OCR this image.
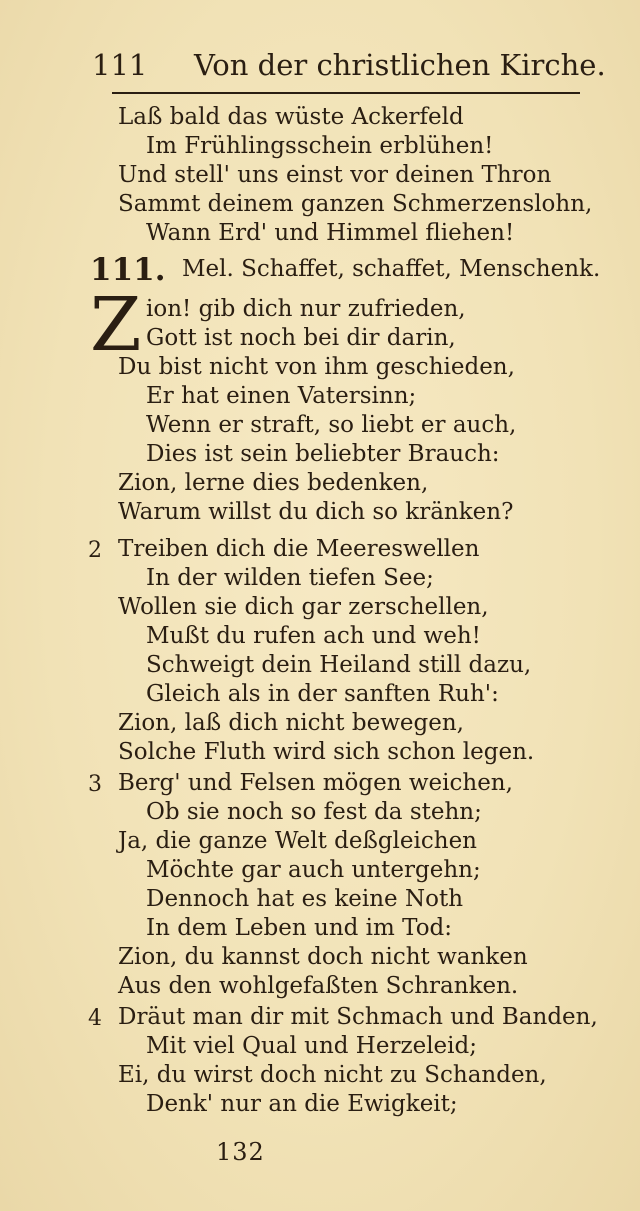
111 Von der christlichen Kirche.
Laß bald das wüste Ackerfeld
Im Frühlingsschein erblühen!
Und stell' uns einst vor deinen Thron
Sammt deinem ganzen Schmerzenslohn,
Wann Erd' und Himmel fliehen!
111. Mel. Schaffet, schaffet, Menschenk.
Z ion! gib dich nur zufrieden,
Gott ist noch bei dir darin,
Du bist nicht von ihm geschieden,
Er hat einen Vatersinn;
Wenn er straft, so liebt er auch,
Dies ist sein beliebter Brauch:
Zion, lerne dies bedenken,
Warum willst du dich so kränken?
2 Treiben dich die Meereswellen
In der wilden tiefen See;
Wollen sie dich gar zerschellen,
Mußt du rufen ach und weh!
Schweigt dein Heiland still dazu,
Gleich als in der sanften Ruh':
Zion, laß dich nicht bewegen,
Solche Fluth wird sich schon legen.
3 Berg' und Felsen mögen weichen,
Ob sie noch so fest da stehn;
Ja, die ganze Welt deßgleichen
Möchte gar auch untergehn;
Dennoch hat es keine Noth
In dem Leben und im Tod:
Zion, du kannst doch nicht wanken
Aus den wohlgefaßten Schranken.
4 Dräut man dir mit Schmach und Banden,
Mit viel Qual und Herzeleid;
Ei, du wirst doch nicht zu Schanden,
Denk' nur an die Ewigkeit;
132
